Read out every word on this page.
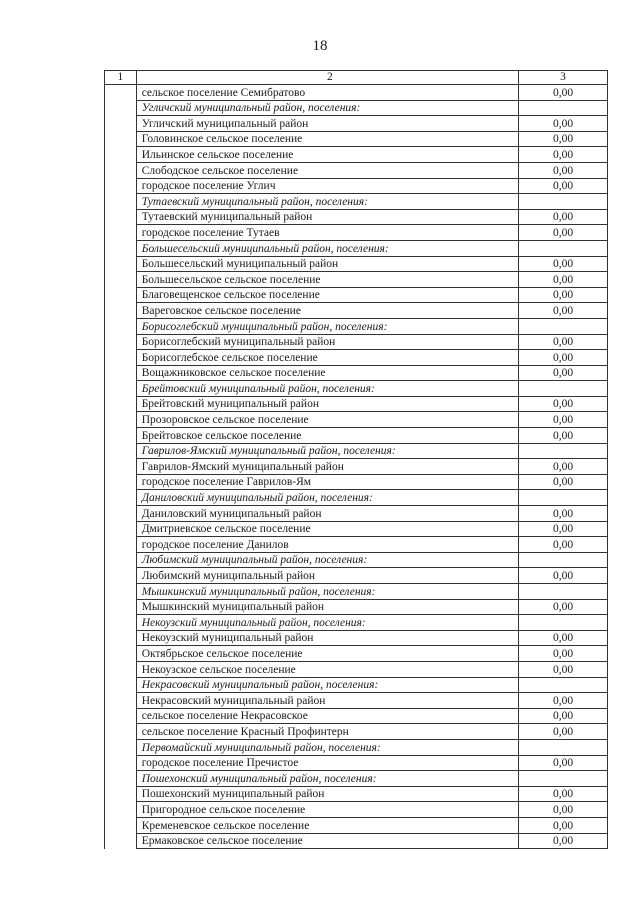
18
1	2	3
	сельское поселение Семибратово	0,00
	Угличский муниципальный район, поселения:	
	Угличский муниципальный район	0,00
	Головинское сельское поселение	0,00
	Ильинское сельское поселение	0,00
	Слободское сельское поселение	0,00
	городское поселение Углич	0,00
	Тутаевский муниципальный район, поселения:	
	Тутаевский муниципальный район	0,00
	городское поселение Тутаев	0,00
	Большесельский муниципальный район, поселения:	
	Большесельский муниципальный район	0,00
	Большесельское сельское поселение	0,00
	Благовещенское сельское поселение	0,00
	Вареговское сельское поселение	0,00
	Борисоглебский муниципальный район, поселения:	
	Борисоглебский муниципальный район	0,00
	Борисоглебское сельское поселение	0,00
	Вощажниковское сельское поселение	0,00
	Брейтовский муниципальный район, поселения:	
	Брейтовский муниципальный район	0,00
	Прозоровское сельское поселение	0,00
	Брейтовское сельское поселение	0,00
	Гаврилов-Ямский муниципальный район, поселения:	
	Гаврилов-Ямский муниципальный район	0,00
	городское поселение Гаврилов-Ям	0,00
	Даниловский муниципальный район, поселения:	
	Даниловский муниципальный район	0,00
	Дмитриевское сельское поселение	0,00
	городское поселение Данилов	0,00
	Любимский муниципальный район, поселения:	
	Любимский муниципальный район	0,00
	Мышкинский муниципальный район, поселения:	
	Мышкинский муниципальный район	0,00
	Некоузский муниципальный район, поселения:	
	Некоузский муниципальный район	0,00
	Октябрьское сельское поселение	0,00
	Некоузское сельское поселение	0,00
	Некрасовский муниципальный район, поселения:	
	Некрасовский муниципальный район	0,00
	сельское поселение Некрасовское	0,00
	сельское поселение Красный Профинтерн	0,00
	Первомайский муниципальный район, поселения:	
	городское поселение Пречистое	0,00
	Пошехонский муниципальный район, поселения:	
	Пошехонский муниципальный район	0,00
	Пригородное сельское поселение	0,00
	Кременевское сельское поселение	0,00
	Ермаковское сельское поселение	0,00
